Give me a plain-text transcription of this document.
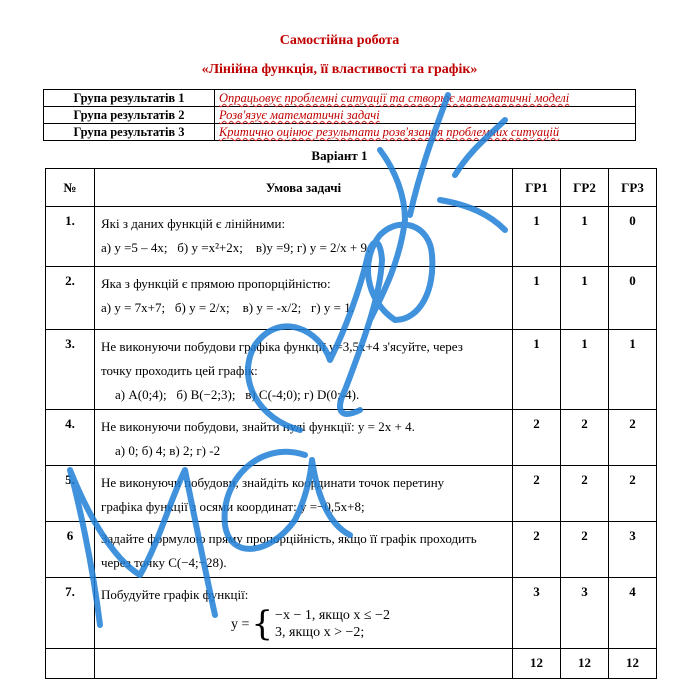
Самостійна робота
«Лінійна функція, її властивості та графік»
Група результатів 1	Опрацьовує проблемні ситуації та створює математичні моделі
Група результатів 2	Розв'язує математичні задачі
Група результатів 3	Критично оцінює результати розв'язання проблемних ситуацій
Варіант 1
№	Умова задачі	ГР1	ГР2	ГР3
1.	Які з даних функцій є лінійними:
а) у =5 – 4х;   б) у =х²+2х;    в)у =9; г) у = 2/x + 9.	1	1	0
2.	Яка з функцій є прямою пропорційністю:
а) у = 7х+7;   б) у = 2/x;    в) у = -x/2;   г) у = 1.	1	1	0
3.	Не виконуючи побудови графіка функції у=3,5х+4 з'ясуйте, через
точку проходить цей графік:
а) А(0;4);   б) В(−2;3);   в) С(-4;0); г) D(0;-4).	1	1	1
4.	Не виконуючи побудови, знайти нулі функції: у = 2х + 4.
а) 0; б) 4; в) 2; г) -2	2	2	2
5.	Не виконуючи побудови, знайдіть координати точок перетину
графіка функції з осями координат: у =−0,5х+8;	2	2	2
6	Задайте формулою пряму пропорційність, якщо її графік проходить
через точку С(−4;−28).	2	2	3
7.	Побудуйте графік функції:
у = { −x − 1, якщо x ≤ −2
3, якщо x > −2;	3	3	4
		12	12	12
